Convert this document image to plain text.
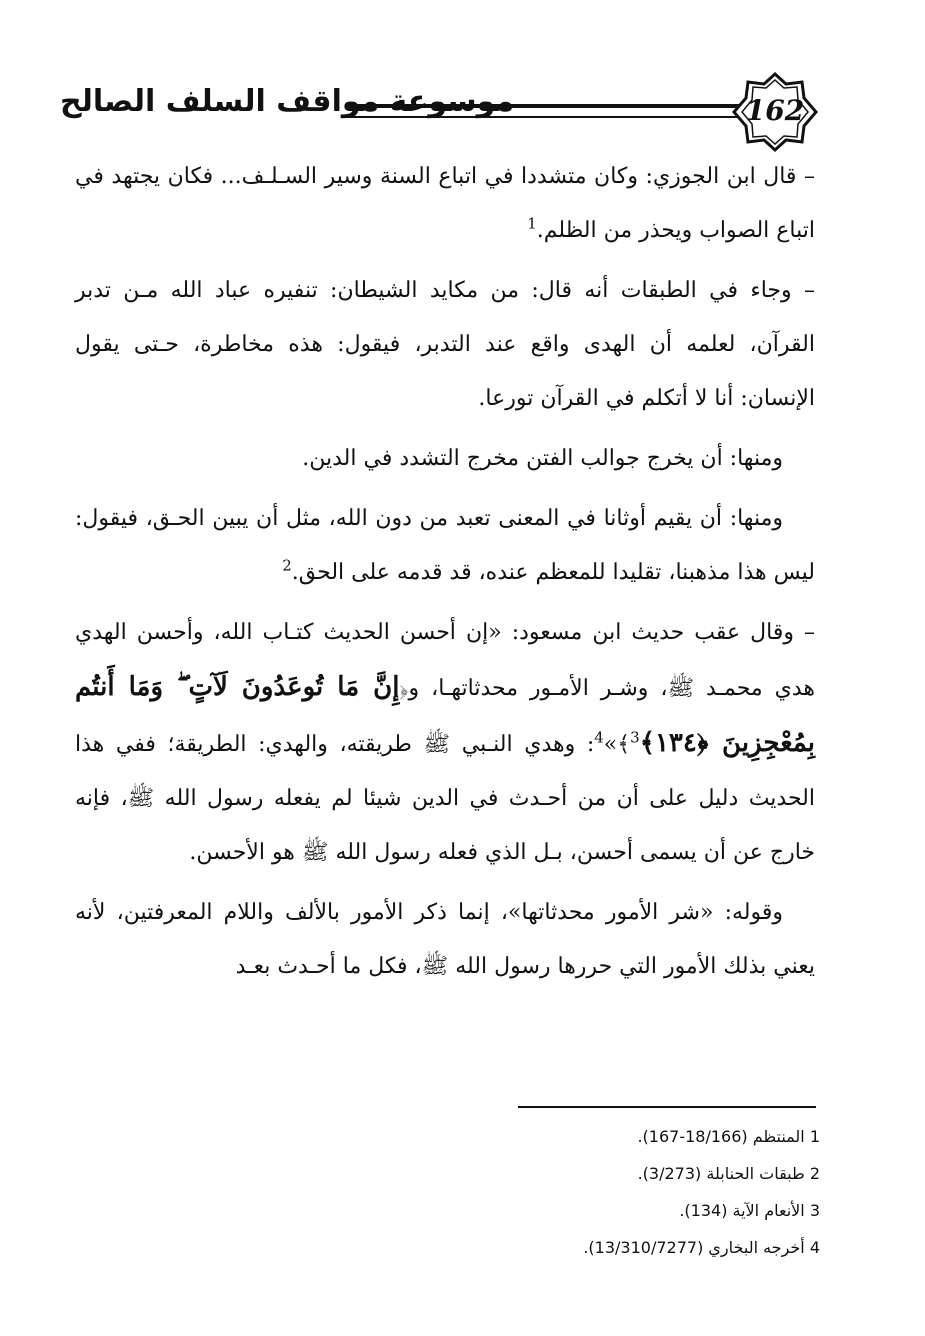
موسوعة مواقف السلف الصالح	162

– قال ابن الجوزي: وكان متشددا في اتباع السنة وسير السـلـف... فكان يجتهد في اتباع الصواب ويحذر من الظلم.$^1$

– وجاء في الطبقات أنه قال: من مكايد الشيطان: تنفيره عباد الله مـن تدبر القرآن، لعلمه أن الهدى واقع عند التدبر، فيقول: هذه مخاطرة، حـتى يقول الإنسان: أنا لا أتكلم في القرآن تورعا.

ومنها: أن يخرج جوالب الفتن مخرج التشدد في الدين.

ومنها: أن يقيم أوثانا في المعنى تعبد من دون الله، مثل أن يبين الحـق، فيقول: ليس هذا مذهبنا، تقليدا للمعظم عنده، قد قدمه على الحق.$^2$

– وقال عقب حديث ابن مسعود: «إن أحسن الحديث كتـاب الله، وأحسن الهدي هدي محمـد ﷺ، وشـر الأمـور محدثاتهـا، و﴿إِنَّ مَا تُوعَدُونَ لَآتٍ ۖ وَمَا أَنتُم بِمُعْجِزِينَ ﴿١٣٤﴾$^3$﴾»$^4$: وهدي النـبي ﷺ طريقته، والهدي: الطريقة؛ ففي هذا الحديث دليل على أن من أحـدث في الدين شيئا لم يفعله رسول الله ﷺ، فإنه خارج عن أن يسمى أحسن، بـل الذي فعله رسول الله ﷺ هو الأحسن.

وقوله: «شر الأمور محدثاتها»، إنما ذكر الأمور بالألف واللام المعرفتين، لأنه يعني بذلك الأمور التي حررها رسول الله ﷺ، فكل ما أحـدث بعـد

1 المنتظم (18/166-167).
2 طبقات الحنابلة (3/273).
3 الأنعام الآية (134).
4 أخرجه البخاري (13/310/7277).
